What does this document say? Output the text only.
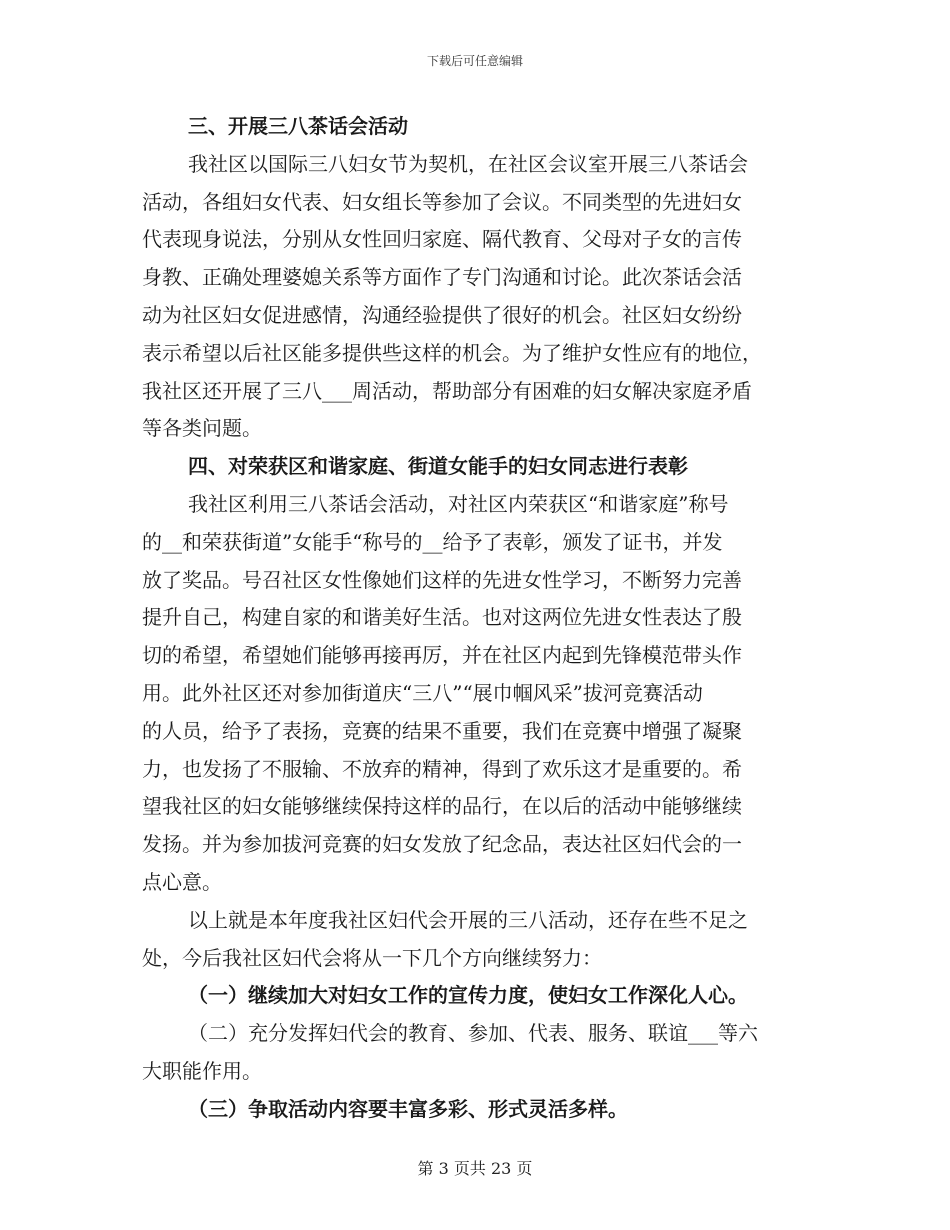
下载后可任意编辑
三、开展三八茶话会活动
我社区以国际三八妇女节为契机，在社区会议室开展三八茶话会
活动，各组妇女代表、妇女组长等参加了会议。不同类型的先进妇女
代表现身说法，分别从女性回归家庭、隔代教育、父母对子女的言传
身教、正确处理婆媳关系等方面作了专门沟通和讨论。此次茶话会活
动为社区妇女促进感情，沟通经验提供了很好的机会。社区妇女纷纷
表示希望以后社区能多提供些这样的机会。为了维护女性应有的地位，
我社区还开展了三八___周活动，帮助部分有困难的妇女解决家庭矛盾
等各类问题。
四、对荣获区和谐家庭、街道女能手的妇女同志进行表彰
我社区利用三八茶话会活动，对社区内荣获区“和谐家庭”称号
的__和荣获街道”女能手“称号的__给予了表彰，颁发了证书，并发
放了奖品。号召社区女性像她们这样的先进女性学习，不断努力完善
提升自己，构建自家的和谐美好生活。也对这两位先进女性表达了殷
切的希望，希望她们能够再接再厉，并在社区内起到先锋模范带头作
用。此外社区还对参加街道庆“三八”“展巾帼风采”拔河竞赛活动
的人员，给予了表扬，竞赛的结果不重要，我们在竞赛中增强了凝聚
力，也发扬了不服输、不放弃的精神，得到了欢乐这才是重要的。希
望我社区的妇女能够继续保持这样的品行，在以后的活动中能够继续
发扬。并为参加拔河竞赛的妇女发放了纪念品，表达社区妇代会的一
点心意。
以上就是本年度我社区妇代会开展的三八活动，还存在些不足之
处，今后我社区妇代会将从一下几个方向继续努力：
（一）继续加大对妇女工作的宣传力度，使妇女工作深化人心。
（二）充分发挥妇代会的教育、参加、代表、服务、联谊___等六
大职能作用。
（三）争取活动内容要丰富多彩、形式灵活多样。
第 3 页共 23 页
